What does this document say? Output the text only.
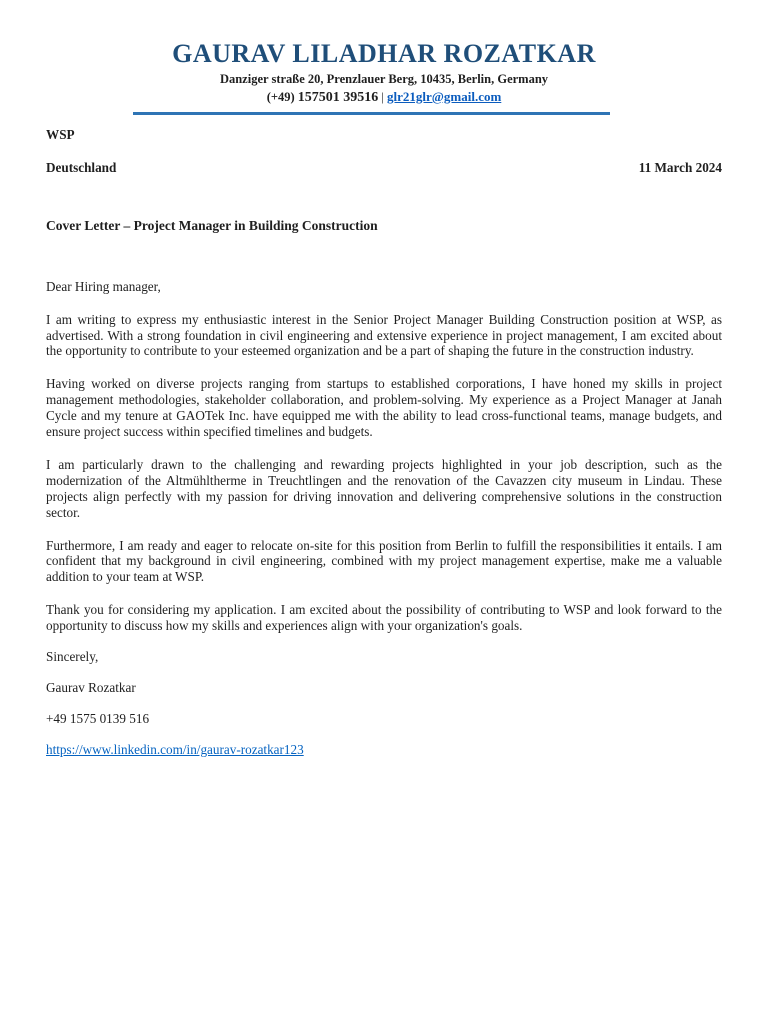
GAURAV LILADHAR ROZATKAR
Danziger straße 20, Prenzlauer Berg, 10435, Berlin, Germany
(+49) 157501 39516 | glr21glr@gmail.com
WSP
Deutschland	11 March 2024
Cover Letter – Project Manager in Building Construction
Dear Hiring manager,

I am writing to express my enthusiastic interest in the Senior Project Manager Building Construction position at WSP, as advertised. With a strong foundation in civil engineering and extensive experience in project management, I am excited about the opportunity to contribute to your esteemed organization and be a part of shaping the future in the construction industry.

Having worked on diverse projects ranging from startups to established corporations, I have honed my skills in project management methodologies, stakeholder collaboration, and problem-solving. My experience as a Project Manager at Janah Cycle and my tenure at GAOTek Inc. have equipped me with the ability to lead cross-functional teams, manage budgets, and ensure project success within specified timelines and budgets.

I am particularly drawn to the challenging and rewarding projects highlighted in your job description, such as the modernization of the Altmühltherme in Treuchtlingen and the renovation of the Cavazzen city museum in Lindau. These projects align perfectly with my passion for driving innovation and delivering comprehensive solutions in the construction sector.

Furthermore, I am ready and eager to relocate on-site for this position from Berlin to fulfill the responsibilities it entails. I am confident that my background in civil engineering, combined with my project management expertise, make me a valuable addition to your team at WSP.

Thank you for considering my application. I am excited about the possibility of contributing to WSP and look forward to the opportunity to discuss how my skills and experiences align with your organization's goals.

Sincerely,
Gaurav Rozatkar
+49 1575 0139 516
https://www.linkedin.com/in/gaurav-rozatkar123
